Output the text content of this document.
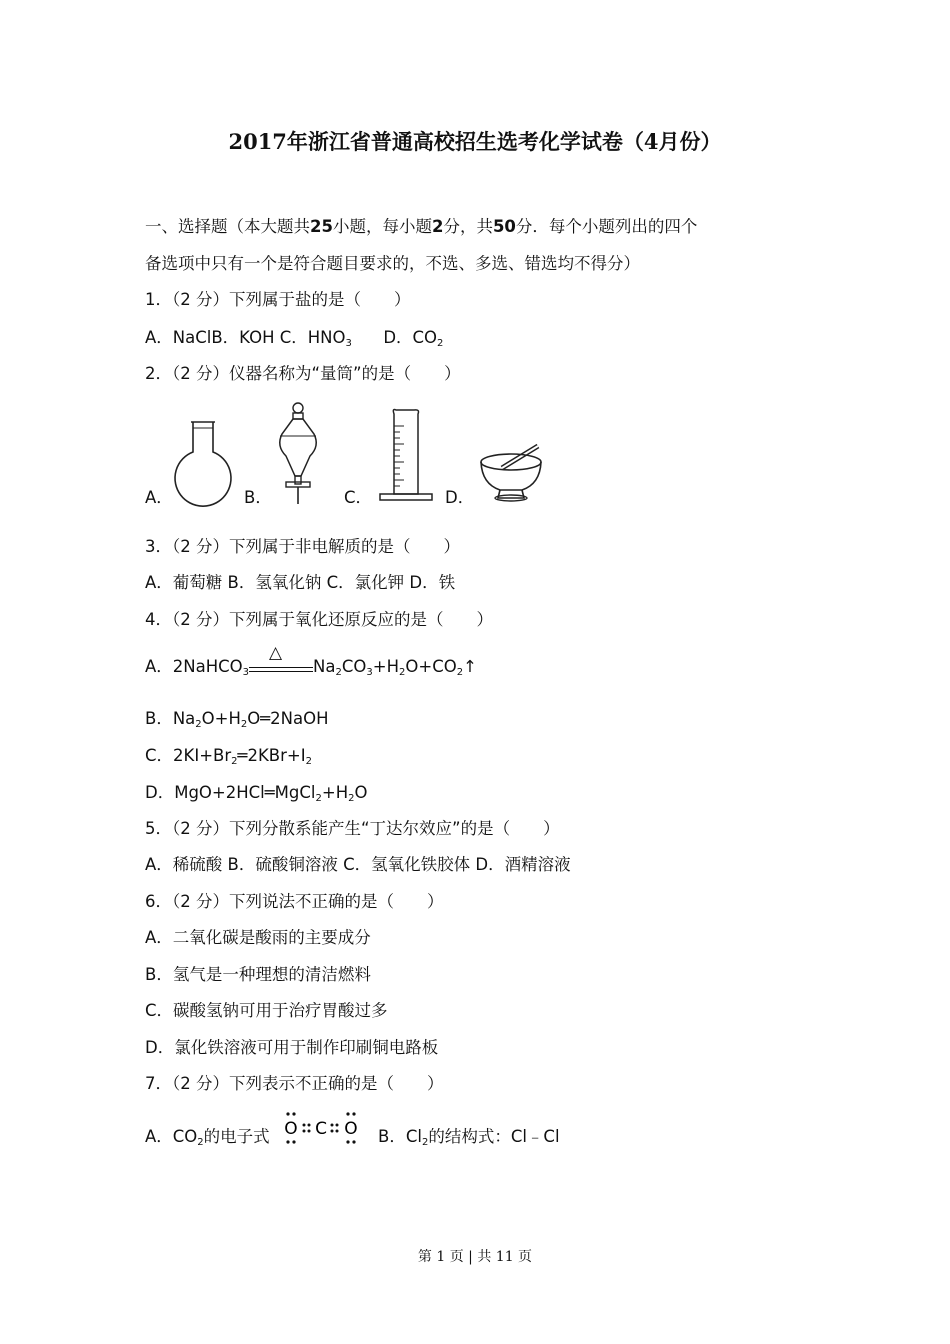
2017年浙江省普通高校招生选考化学试卷（4月份）
一、选择题（本大题共25小题，每小题2分，共50分．每个小题列出的四个
备选项中只有一个是符合题目要求的，不选、多选、错选均不得分）
1．（2 分）下列属于盐的是（　　）
A．NaClB．KOH C．$HNO_3$      D．$CO_2$
2．（2 分）仪器名称为“量筒”的是（　　）
A．	B．	C．	D．
3．（2 分）下列属于非电解质的是（　　）
A．葡萄糖 B．氢氧化钠 C．氯化钾 D．铁
4．（2 分）下列属于氧化还原反应的是（　　）
A．2NaHCO$_3$
△
$Na_2CO_3+H_2O+CO_2↑$
B．$Na_2O+H_2O═2NaOH$
C．$2KI+Br_2═2KBr+I_2$
D．$MgO+2HCl═MgCl_2+H_2O$
5．（2 分）下列分散系能产生“丁达尔效应”的是（　　）
A．稀硫酸 B．硫酸铜溶液 C．氢氧化铁胶体 D．酒精溶液
6．（2 分）下列说法不正确的是（　　）
A．二氧化碳是酸雨的主要成分
B．氢气是一种理想的清洁燃料
C．碳酸氢钠可用于治疗胃酸过多
D．氯化铁溶液可用于制作印刷铜电路板
7．（2 分）下列表示不正确的是（　　）
A．$CO_2$的电子式 O C O B．$Cl_2$的结构式：Cl﹣Cl
第 1 页 | 共 11 页
